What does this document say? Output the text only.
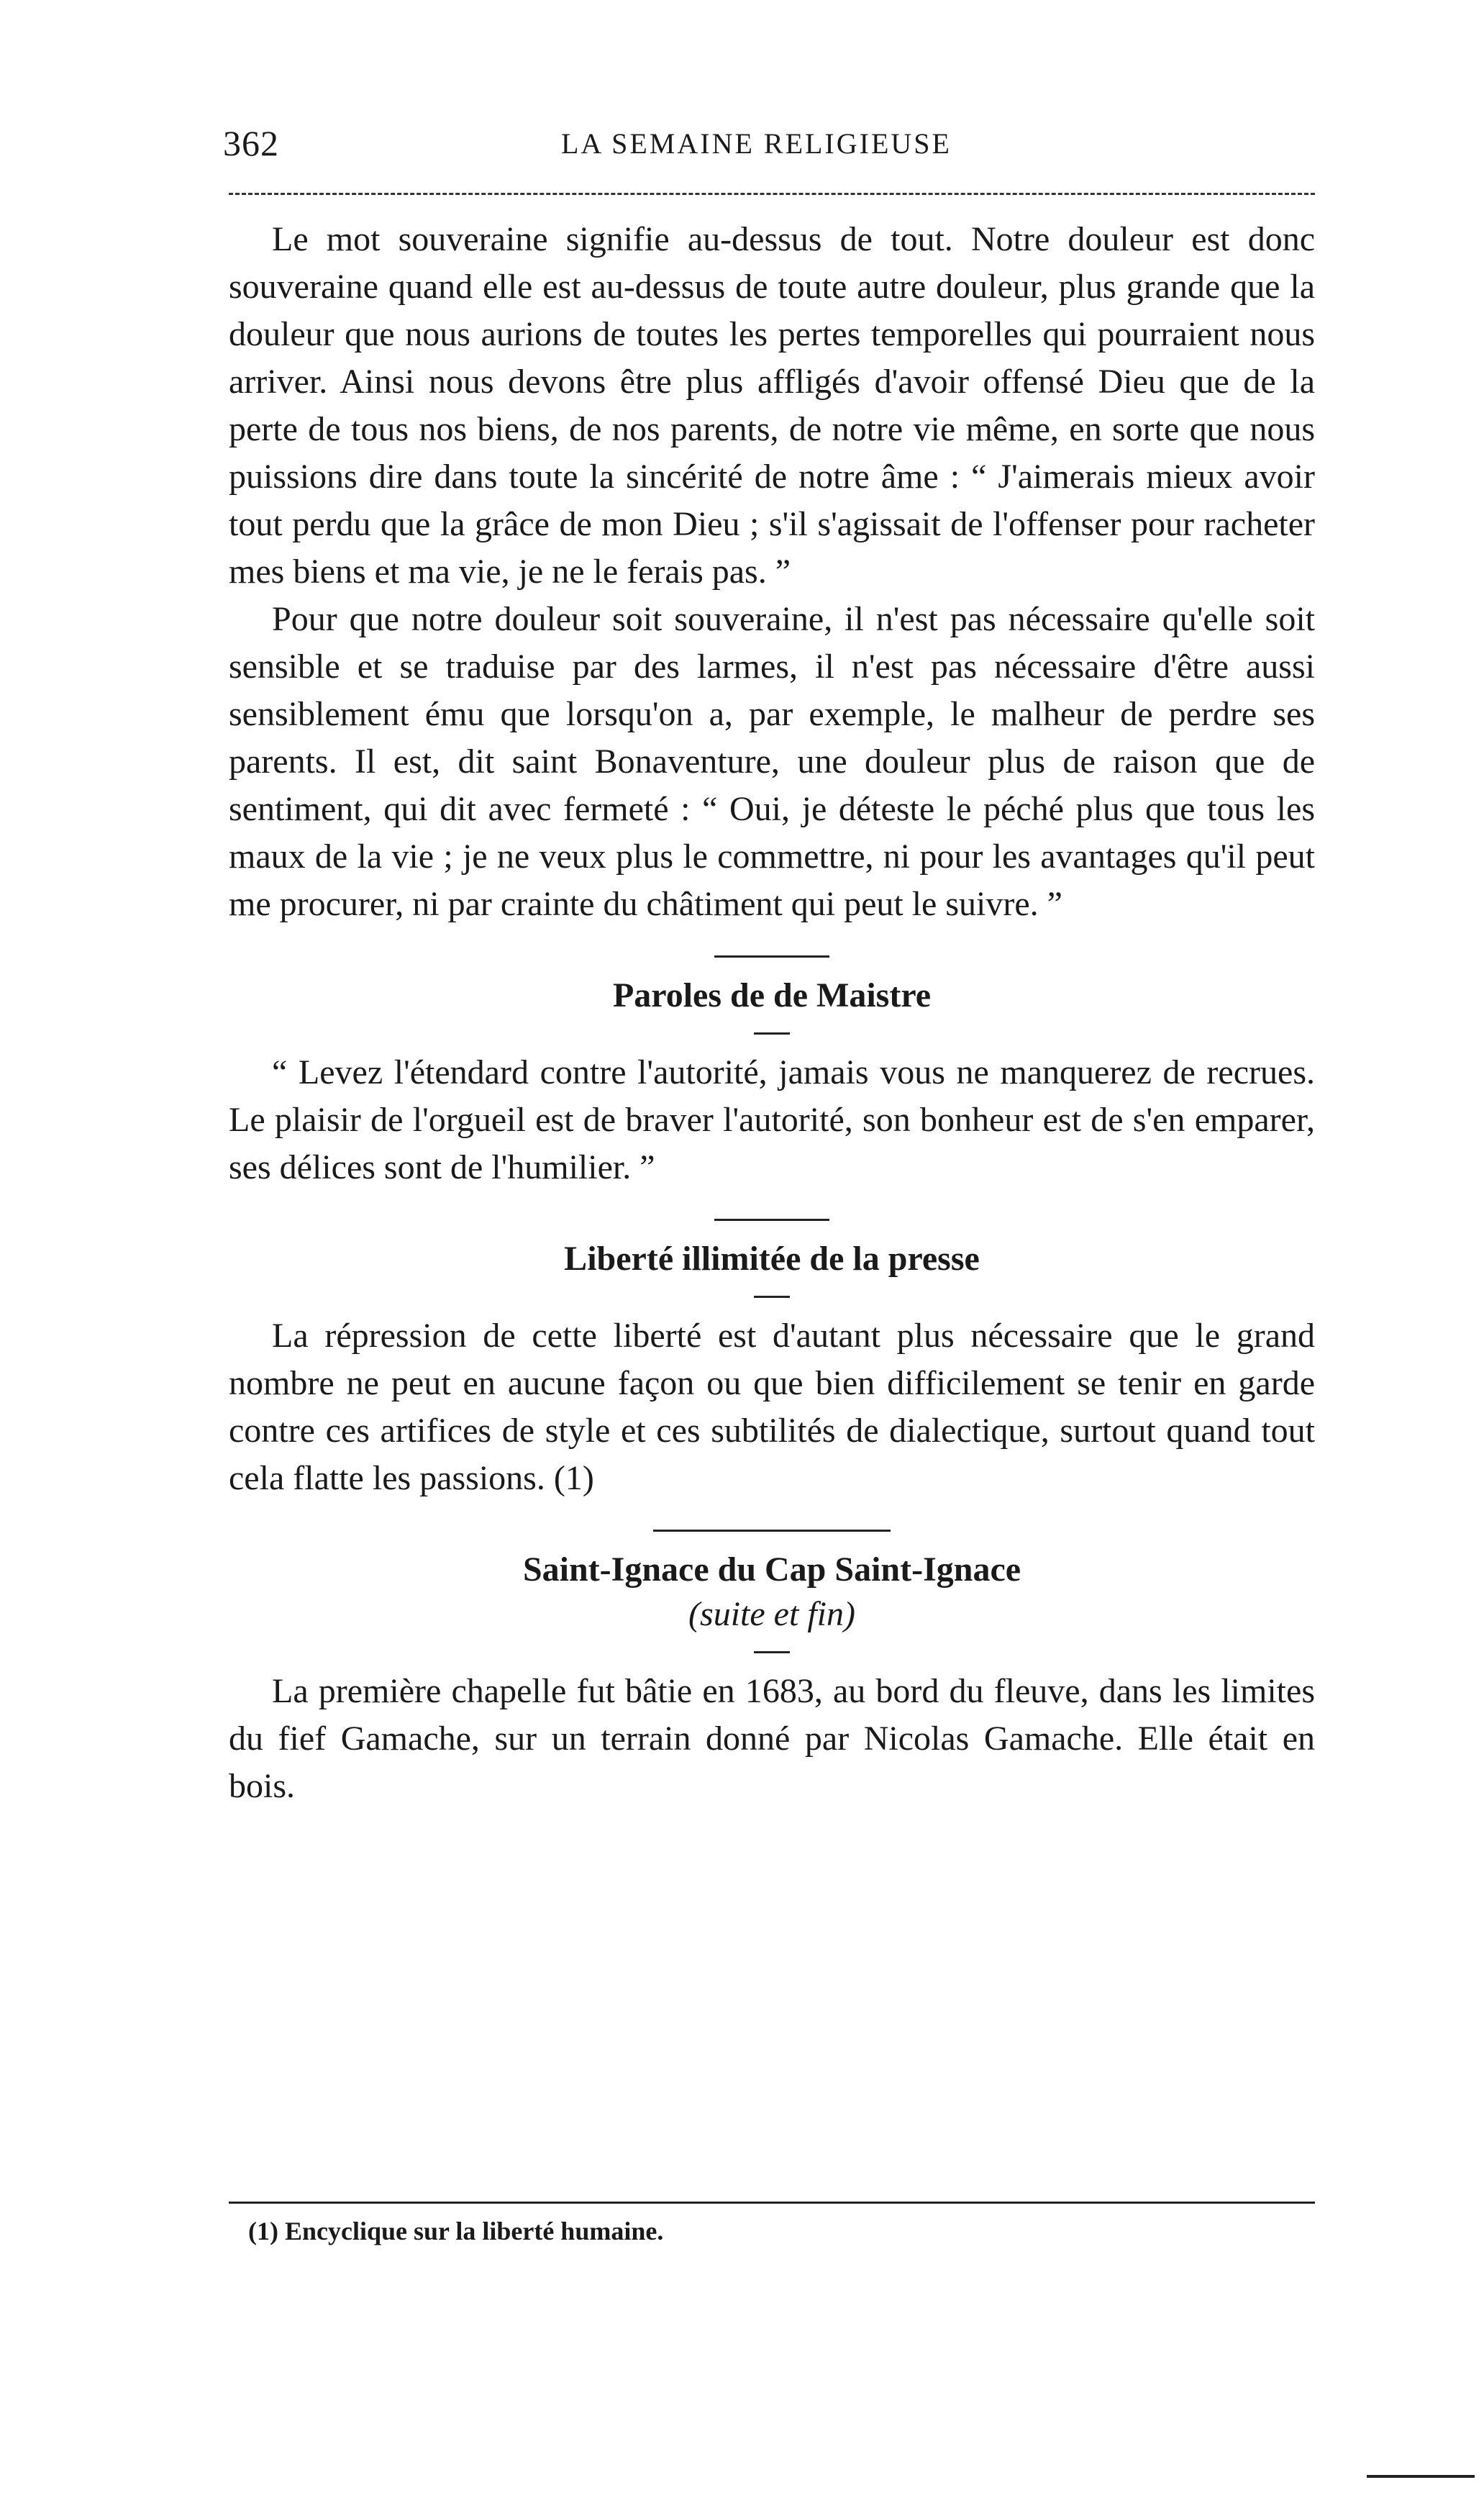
362	LA SEMAINE RELIGIEUSE

Le mot souveraine signifie au-dessus de tout. Notre douleur est donc souveraine quand elle est au-dessus de toute autre douleur, plus grande que la douleur que nous aurions de toutes les pertes temporelles qui pourraient nous arriver. Ainsi nous devons être plus affligés d'avoir offensé Dieu que de la perte de tous nos biens, de nos parents, de notre vie même, en sorte que nous puissions dire dans toute la sincérité de notre âme : “ J'aimerais mieux avoir tout perdu que la grâce de mon Dieu ; s'il s'agissait de l'offenser pour racheter mes biens et ma vie, je ne le ferais pas. ”

Pour que notre douleur soit souveraine, il n'est pas nécessaire qu'elle soit sensible et se traduise par des larmes, il n'est pas nécessaire d'être aussi sensiblement ému que lorsqu'on a, par exemple, le malheur de perdre ses parents. Il est, dit saint Bonaventure, une douleur plus de raison que de sentiment, qui dit avec fermeté : “ Oui, je déteste le péché plus que tous les maux de la vie ; je ne veux plus le commettre, ni pour les avantages qu'il peut me procurer, ni par crainte du châtiment qui peut le suivre. ”

Paroles de de Maistre

“ Levez l'étendard contre l'autorité, jamais vous ne manquerez de recrues. Le plaisir de l'orgueil est de braver l'autorité, son bonheur est de s'en emparer, ses délices sont de l'humilier. ”

Liberté illimitée de la presse

La répression de cette liberté est d'autant plus nécessaire que le grand nombre ne peut en aucune façon ou que bien difficilement se tenir en garde contre ces artifices de style et ces subtilités de dialectique, surtout quand tout cela flatte les passions. (1)

Saint-Ignace du Cap Saint-Ignace

(suite et fin)

La première chapelle fut bâtie en 1683, au bord du fleuve, dans les limites du fief Gamache, sur un terrain donné par Nicolas Gamache. Elle était en bois.

(1) Encyclique sur la liberté humaine.
